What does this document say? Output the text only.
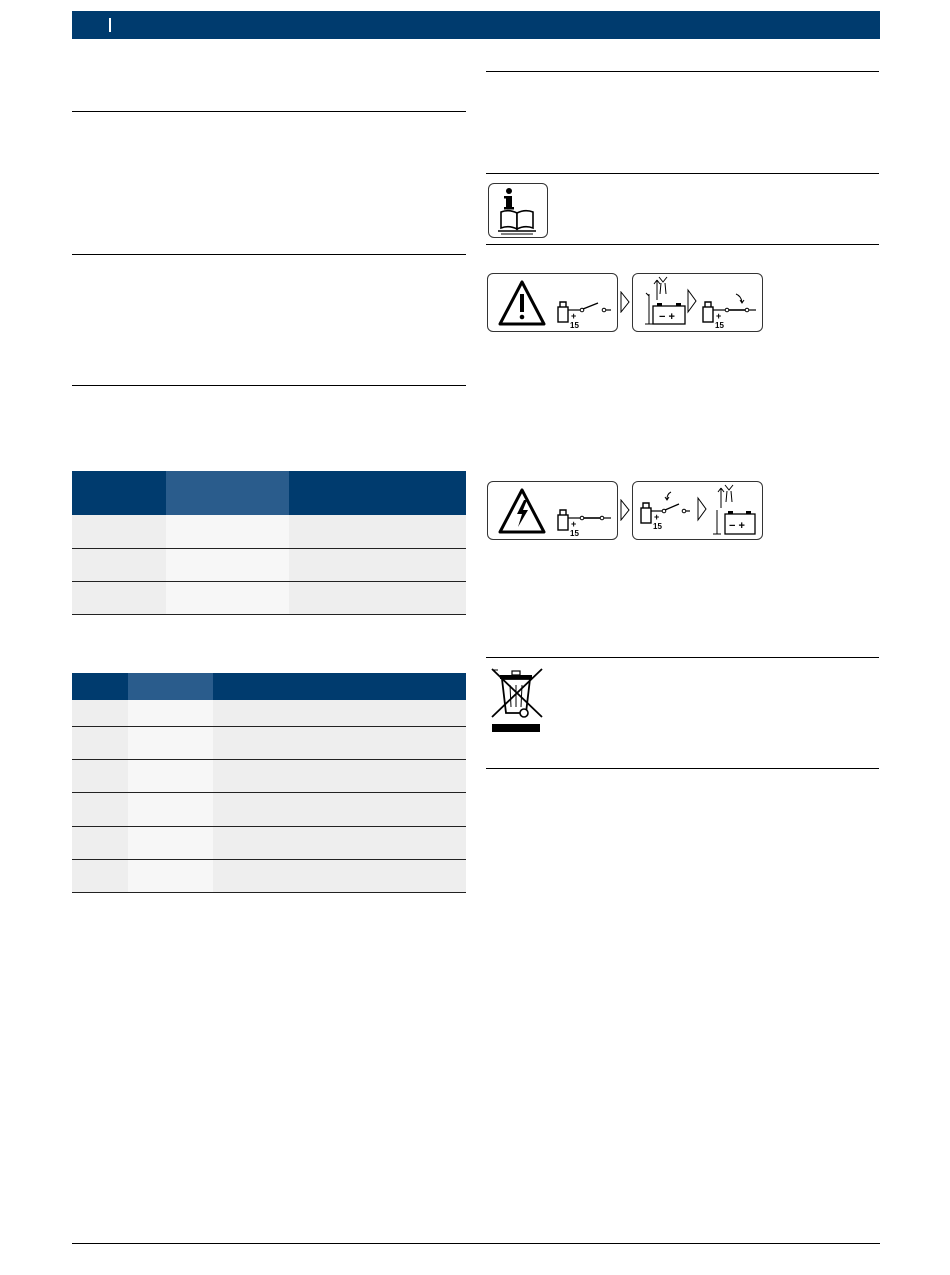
+
15
− +	+
15
+
15
+
15	− +
